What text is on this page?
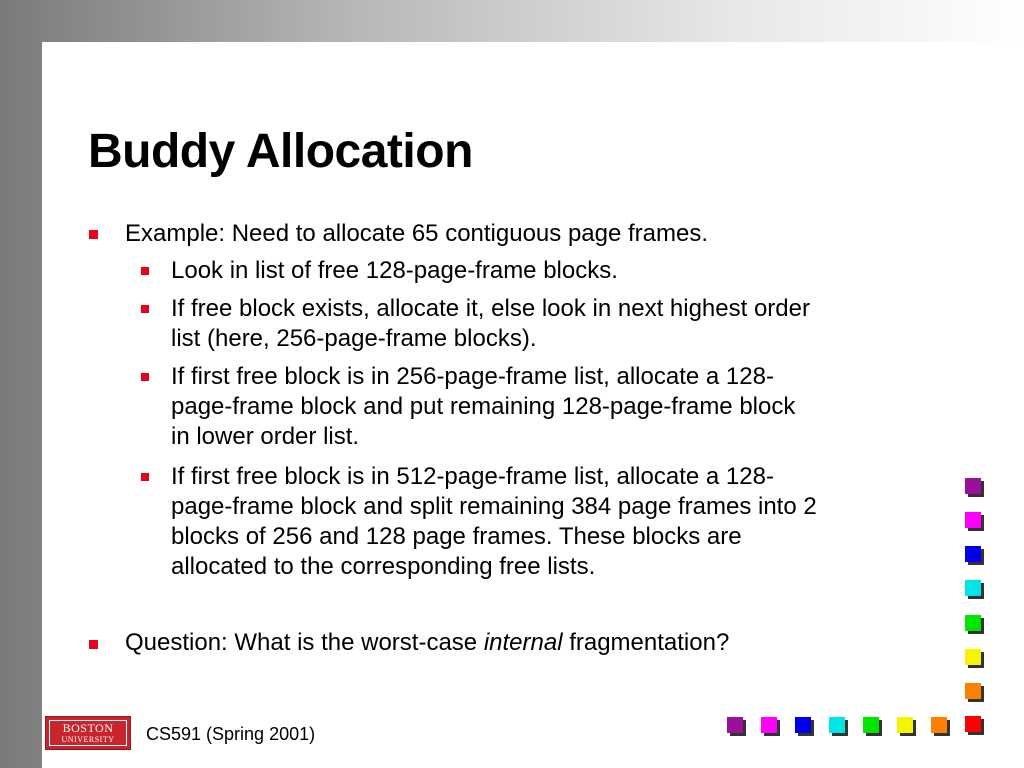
Buddy Allocation
Example: Need to allocate 65 contiguous page frames.
Look in list of free 128-page-frame blocks.
If free block exists, allocate it, else look in next highest order
list (here, 256-page-frame blocks).
If first free block is in 256-page-frame list, allocate a 128-
page-frame block and put remaining 128-page-frame block
in lower order list.
If first free block is in 512-page-frame list, allocate a 128-
page-frame block and split remaining 384 page frames into 2
blocks of 256 and 128 page frames. These blocks are
allocated to the corresponding free lists.
Question: What is the worst-case internal fragmentation?
BOSTON
UNIVERSITY	CS591 (Spring 2001)
